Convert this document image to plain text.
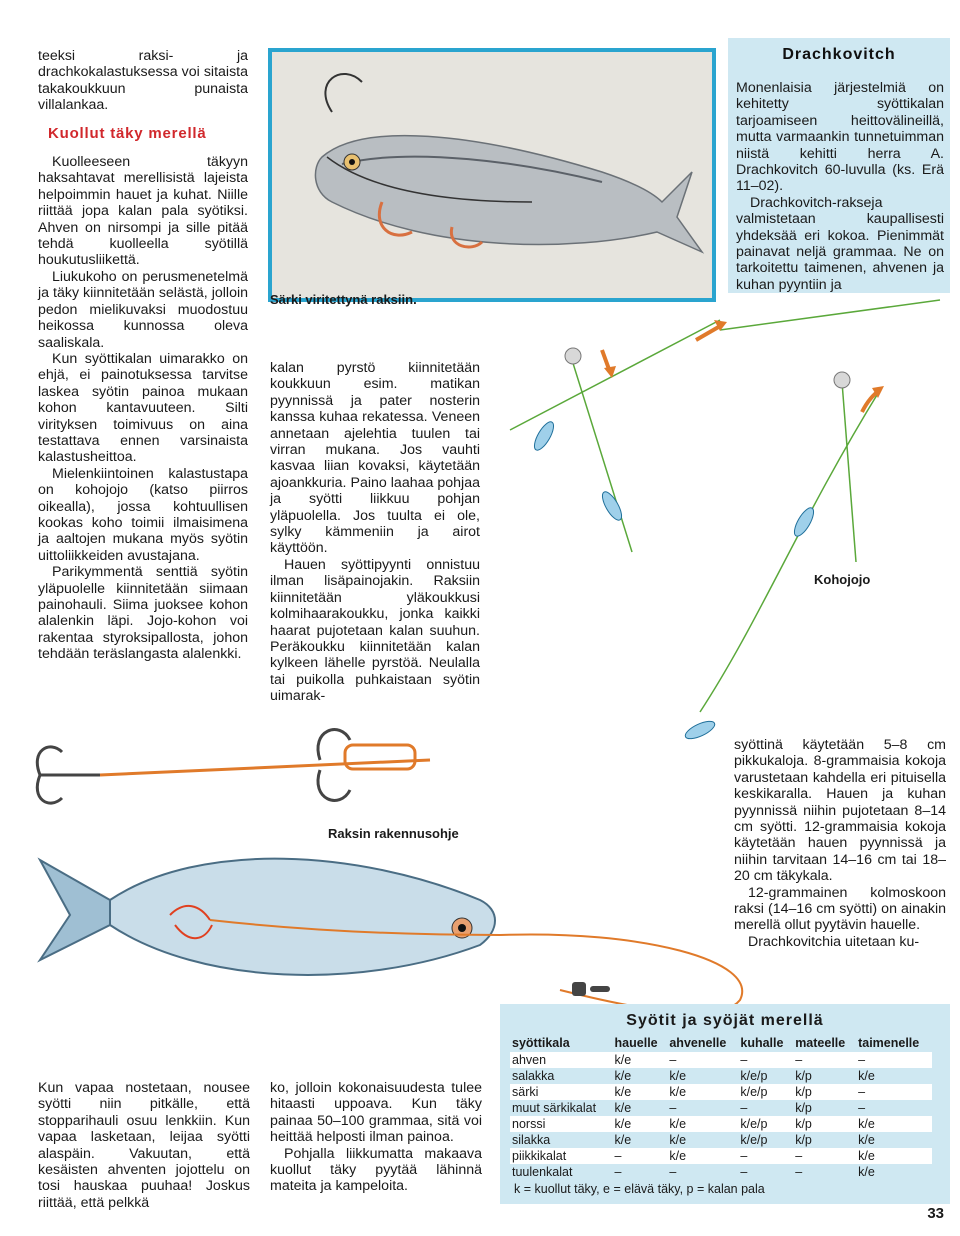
teeksi raksi- ja drachkokalastuksessa voi sitaista takakoukkuun punaista villalankaa.

Kuollut täky merellä

Kuolleeseen täkyyn haksahtavat merellisistä lajeista helpoimmin hauet ja kuhat. Niille riittää jopa kalan pala syötiksi. Ahven on nirsompi ja sille pitää tehdä kuolleella syötillä houkutusliikettä.

Liukukoho on perusmenetelmä ja täky kiinnitetään selästä, jolloin pedon mielikuvaksi muodostuu heikossa kunnossa oleva saaliskala.

Kun syöttikalan uimarakko on ehjä, ei painotuksessa tarvitse laskea syötin painoa mukaan kohon kantavuuteen. Silti virityksen toimivuus on aina testattava ennen varsinaista kalastusheittoa.

Mielenkiintoinen kalastustapa on kohojojo (katso piirros oikealla), jossa kohtuullisen kookas koho toimii ilmaisimena ja aaltojen mukana myös syötin uittoliikkeiden avustajana.

Parikymmentä senttiä syötin yläpuolelle kiinnitetään siimaan painohauli. Siima juoksee kohon alalenkin läpi. Jojo-kohon voi rakentaa styroksipallosta, johon tehdään teräslangasta alalenkki.

Särki viritettynä raksiin.

kalan pyrstö kiinnitetään koukkuun esim. matikan pyynnissä ja pater nosterin kanssa kuhaa rekatessa. Veneen annetaan ajelehtia tuulen tai virran mukana. Jos vauhti kasvaa liian kovaksi, käytetään ajoankkuria. Paino laahaa pohjaa ja syötti liikkuu pohjan yläpuolella. Jos tuulta ei ole, sylky kämmeniin ja airot käyttöön.

Hauen syöttipyynti onnistuu ilman lisäpainojakin. Raksiin kiinnitetään yläkoukkusi kolmihaarakoukku, jonka kaikki haarat pujotetaan kalan suuhun. Peräkoukku kiinnitetään kalan kylkeen lähelle pyrstöä. Neulalla tai puikolla puhkaistaan syötin uimarak-

Drachkovitch

Monenlaisia järjestelmiä on kehitetty syöttikalan tarjoamiseen heittovälineillä, mutta varmaankin tunnetuimman niistä kehitti herra A. Drachkovitch 60-luvulla (ks. Erä 11–02).

Drachkovitch-rakseja valmistetaan kaupallisesti yhdeksää eri kokoa. Pienimmät painavat neljä grammaa. Ne on tarkoitettu taimenen, ahvenen ja kuhan pyyntiin ja

Kohojojo
Raksin rakennusohje

syöttinä käytetään 5–8 cm pikkukaloja. 8-grammaisia kokoja varustetaan kahdella eri pituisella keskikaralla. Hauen ja kuhan pyynnissä niihin pujotetaan 8–14 cm syötti. 12-grammaisia kokoja käytetään hauen pyynnissä ja niihin tarvitaan 14–16 cm tai 18–20 cm täkykala.

12-grammainen kolmoskoon raksi (14–16 cm syötti) on ainakin merellä ollut pyytävin hauelle.

Drachkovitchia uitetaan ku-

Kun vapaa nostetaan, nousee syötti niin pitkälle, että stopparihauli osuu lenkkiin. Kun vapaa lasketaan, leijaa syötti alaspäin. Vakuutan, että kesäisten ahventen jojottelu on tosi hauskaa puuhaa! Joskus riittää, että pelkkä

ko, jolloin kokonaisuudesta tulee hitaasti uppoava. Kun täky painaa 50–100 grammaa, sitä voi heittää helposti ilman painoa.

Pohjalla liikkumatta makaava kuollut täky pyytää lähinnä mateita ja kampeloita.

Syötit ja syöjät merellä
syöttikala	hauelle	ahvenelle	kuhalle	mateelle	taimenelle
ahven	k/e	–	–	–	–
salakka	k/e	k/e	k/e/p	k/p	k/e
särki	k/e	k/e	k/e/p	k/p	–
muut särkikalat	k/e	–	–	k/p	–
norssi	k/e	k/e	k/e/p	k/p	k/e
silakka	k/e	k/e	k/e/p	k/p	k/e
piikkikalat	–	k/e	–	–	k/e
tuulenkalat	–	–	–	–	k/e
k = kuollut täky, e = elävä täky, p = kalan pala
33
